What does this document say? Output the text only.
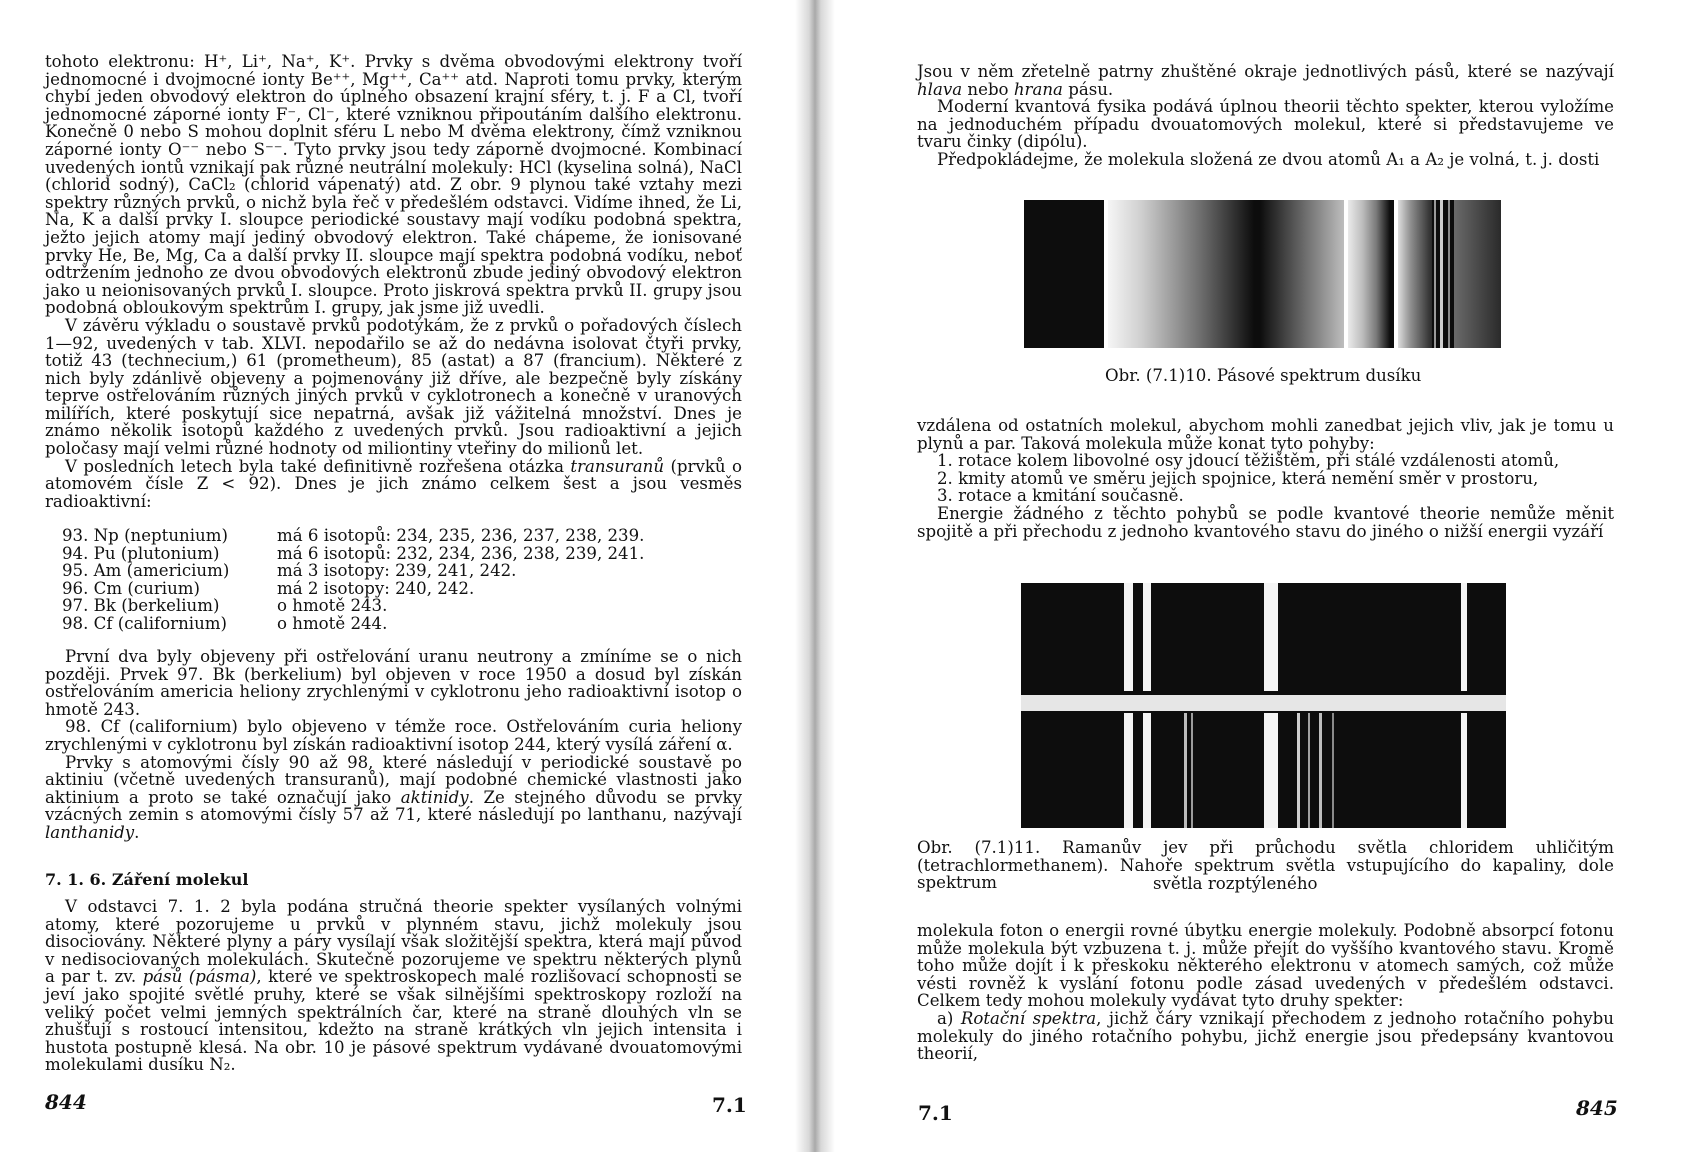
tohoto elektronu: H⁺, Li⁺, Na⁺, K⁺. Prvky s dvěma obvodovými elektrony tvoří jednomocné i dvojmocné ionty Be⁺⁺, Mg⁺⁺, Ca⁺⁺ atd. Naproti tomu prvky, kterým chybí jeden obvodový elektron do úplného obsazení krajní sféry, t. j. F a Cl, tvoří jednomocné záporné ionty F⁻, Cl⁻, které vzniknou připoutáním dalšího elektronu. Konečně 0 nebo S mohou doplnit sféru L nebo M dvěma elektrony, čímž vzniknou záporné ionty O⁻⁻ nebo S⁻⁻. Tyto prvky jsou tedy záporně dvojmocné. Kombinací uvedených iontů vznikají pak různé neutrální molekuly: HCl (kyselina solná), NaCl (chlorid sodný), CaCl₂ (chlorid vápenatý) atd. Z obr. 9 plynou také vztahy mezi spektry různých prvků, o nichž byla řeč v předešlém odstavci. Vidíme ihned, že Li, Na, K a další prvky I. sloupce periodické soustavy mají vodíku podobná spektra, ježto jejich atomy mají jediný obvodový elektron. Také chápeme, že ionisované prvky He, Be, Mg, Ca a další prvky II. sloupce mají spektra podobná vodíku, neboť odtržením jednoho ze dvou obvodových elektronů zbude jediný obvodový elektron jako u neionisovaných prvků I. sloupce. Proto jiskrová spektra prvků II. grupy jsou podobná obloukovým spektrům I. grupy, jak jsme již uvedli.

V závěru výkladu o soustavě prvků podotýkám, že z prvků o pořadových číslech 1—92, uvedených v tab. XLVI. nepodařilo se až do nedávna isolovat čtyři prvky, totiž 43 (technecium,) 61 (prometheum), 85 (astat) a 87 (francium). Některé z nich byly zdánlivě objeveny a pojmenovány již dříve, ale bezpečně byly získány teprve ostřelováním různých jiných prvků v cyklotronech a konečně v uranových milířích, které poskytují sice nepatrná, avšak již vážitelná množství. Dnes je známo několik isotopů každého z uvedených prvků. Jsou radioaktivní a jejich poločasy mají velmi různé hodnoty od miliontiny vteřiny do milionů let.

V posledních letech byla také definitivně rozřešena otázka transuranů (prvků o atomovém čísle Z < 92). Dnes je jich známo celkem šest a jsou vesměs radioaktivní:

93. Np (neptunium)	má 6 isotopů: 234, 235, 236, 237, 238, 239.
94. Pu (plutonium)	má 6 isotopů: 232, 234, 236, 238, 239, 241.
95. Am (americium)	má 3 isotopy: 239, 241, 242.
96. Cm (curium)	má 2 isotopy: 240, 242.
97. Bk (berkelium)	o hmotě 243.
98. Cf (californium)	o hmotě 244.

První dva byly objeveny při ostřelování uranu neutrony a zmíníme se o nich později. Prvek 97. Bk (berkelium) byl objeven v roce 1950 a dosud byl získán ostřelováním americia heliony zrychlenými v cyklotronu jeho radioaktivní isotop o hmotě 243.

98. Cf (californium) bylo objeveno v témže roce. Ostřelováním curia heliony zrychlenými v cyklotronu byl získán radioaktivní isotop 244, který vysílá záření α.

Prvky s atomovými čísly 90 až 98, které následují v periodické soustavě po aktiniu (včetně uvedených transuranů), mají podobné chemické vlastnosti jako aktinium a proto se také označují jako aktinidy. Ze stejného důvodu se prvky vzácných zemin s atomovými čísly 57 až 71, které následují po lanthanu, nazývají lanthanidy.

7. 1. 6. Záření molekul

V odstavci 7. 1. 2 byla podána stručná theorie spekter vysílaných volnými atomy, které pozorujeme u prvků v plynném stavu, jichž molekuly jsou disociovány. Některé plyny a páry vysílají však složitější spektra, která mají původ v nedisociovaných molekulách. Skutečně pozorujeme ve spektru některých plynů a par t. zv. pásů (pásma), které ve spektroskopech malé rozlišovací schopnosti se jeví jako spojité světlé pruhy, které se však silnějšími spektroskopy rozloží na veliký počet velmi jemných spektrálních čar, které na straně dlouhých vln se zhušťují s rostoucí intensitou, kdežto na straně krátkých vln jejich intensita i hustota postupně klesá. Na obr. 10 je pásové spektrum vydávané dvouatomovými molekulami dusíku N₂.

844	7.1

Jsou v něm zřetelně patrny zhuštěné okraje jednotlivých pásů, které se nazývají hlava nebo hrana pásu.

Moderní kvantová fysika podává úplnou theorii těchto spekter, kterou vyložíme na jednoduchém případu dvouatomových molekul, které si představujeme ve tvaru činky (dipólu).

Předpokládejme, že molekula složená ze dvou atomů A₁ a A₂ je volná, t. j. dosti

Obr. (7.1)10. Pásové spektrum dusíku

vzdálena od ostatních molekul, abychom mohli zanedbat jejich vliv, jak je tomu u plynů a par. Taková molekula může konat tyto pohyby:

1. rotace kolem libovolné osy jdoucí těžištěm, při stálé vzdálenosti atomů,
2. kmity atomů ve směru jejich spojnice, která nemění směr v prostoru,
3. rotace a kmitání současně.

Energie žádného z těchto pohybů se podle kvantové theorie nemůže měnit spojitě a při přechodu z jednoho kvantového stavu do jiného o nižší energii vyzáří

Obr. (7.1)11. Ramanův jev při průchodu světla chloridem uhličitým (tetrachlormethanem). Nahoře spektrum světla vstupujícího do kapaliny, dole spektrum	světla rozptýleného

molekula foton o energii rovné úbytku energie molekuly. Podobně absorpcí fotonu může molekula být vzbuzena t. j. může přejít do vyššího kvantového stavu. Kromě toho může dojít i k přeskoku některého elektronu v atomech samých, což může vésti rovněž k vyslání fotonu podle zásad uvedených v předešlém odstavci. Celkem tedy mohou molekuly vydávat tyto druhy spekter:

a) Rotační spektra, jichž čáry vznikají přechodem z jednoho rotačního pohybu molekuly do jiného rotačního pohybu, jichž energie jsou předepsány kvantovou theorií,

7.1	845
